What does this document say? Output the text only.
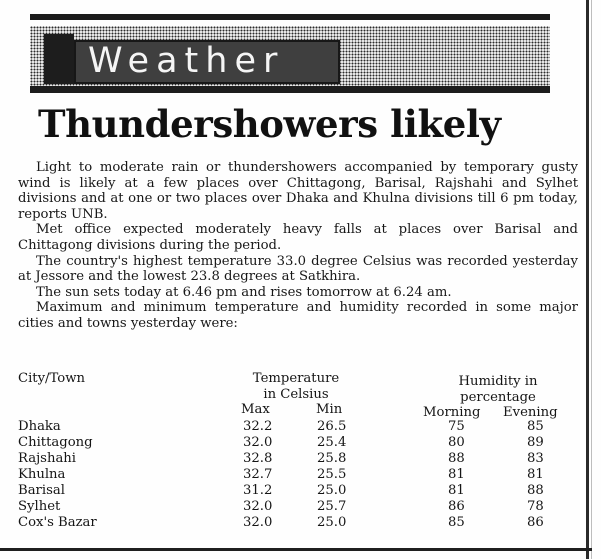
Weather
Thundershowers likely

Light to moderate rain or thundershowers accompanied by temporary gusty wind is likely at a few places over Chittagong, Barisal, Rajshahi and Sylhet divisions and at one or two places over Dhaka and Khulna divisions till 6 pm today, reports UNB.

Met office expected moderately heavy falls at places over Barisal and Chittagong divisions during the period.

The country's highest temperature 33.0 degree Celsius was recorded yesterday at Jessore and the lowest 23.8 degrees at Satkhira.

The sun sets today at 6.46 pm and rises tomorrow at 6.24 am.

Maximum and minimum temperature and humidity recorded in some major cities and towns yesterday were:

City/Town	Temperature
in Celsius
Humidity in
percentage
Max	Min	Morning Evening
Dhaka	32.2	26.5	75	85
Chittagong	32.0	25.4	80	89
Rajshahi	32.8	25.8	88	83
Khulna	32.7	25.5	81	81
Barisal	31.2	25.0	81	88
Sylhet	32.0	25.7	86	78
Cox's Bazar	32.0	25.0	85	86
